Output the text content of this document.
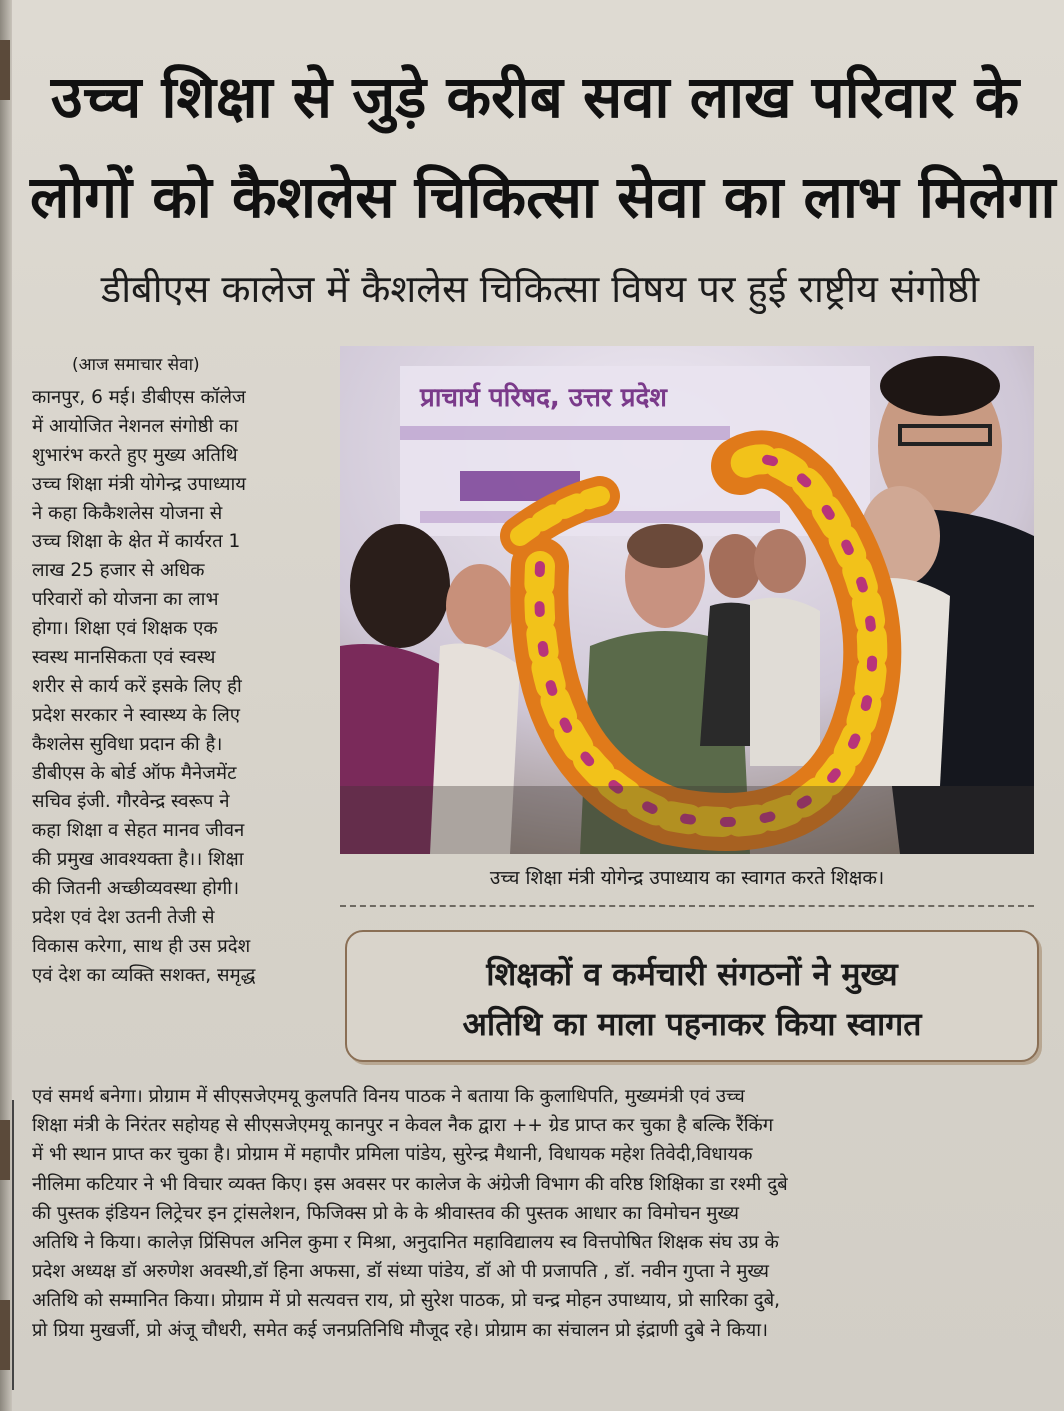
उच्च शिक्षा से जुड़े करीब सवा लाख परिवार के
लोगों को कैशलेस चिकित्सा सेवा का लाभ मिलेगा
डीबीएस कालेज में कैशलेस चिकित्सा विषय पर हुई राष्ट्रीय संगोष्ठी
(आज समाचार सेवा)
कानपुर, 6 मई। डीबीएस कॉलेज
में आयोजित नेशनल संगोष्ठी का
शुभारंभ करते हुए मुख्य अतिथि
उच्च शिक्षा मंत्री योगेन्द्र उपाध्याय
ने कहा किकैशलेस योजना से
उच्च शिक्षा के क्षेत में कार्यरत 1
लाख 25 हजार से अधिक
परिवारों को योजना का लाभ
होगा। शिक्षा एवं शिक्षक एक
स्वस्थ मानसिकता एवं स्वस्थ
शरीर से कार्य करें इसके लिए ही
प्रदेश सरकार ने स्वास्थ्य के लिए
कैशलेस सुविधा प्रदान की है।
डीबीएस के बोर्ड ऑफ मैनेजमेंट
सचिव इंजी. गौरवेन्द्र स्वरूप ने
कहा शिक्षा व सेहत मानव जीवन
की प्रमुख आवश्यक्ता है।। शिक्षा
की जितनी अच्छीव्यवस्था होगी।
प्रदेश एवं देश उतनी तेजी से
विकास करेगा, साथ ही उस प्रदेश
एवं देश का व्यक्ति सशक्त, समृद्ध
प्राचार्य परिषद, उत्तर प्रदेश
उच्च शिक्षा मंत्री योगेन्द्र उपाध्याय का स्वागत करते शिक्षक।
शिक्षकों व कर्मचारी संगठनों ने मुख्य
अतिथि का माला पहनाकर किया स्वागत
एवं समर्थ बनेगा। प्रोग्राम में सीएसजेएमयू कुलपति विनय पाठक ने बताया कि कुलाधिपति, मुख्यमंत्री एवं उच्च
शिक्षा मंत्री के निरंतर सहोयह से सीएसजेएमयू कानपुर न केवल नैक द्वारा ++ ग्रेड प्राप्त कर चुका है बल्कि रैंकिंग
में भी स्थान प्राप्त कर चुका है। प्रोग्राम में महापौर प्रमिला पांडेय, सुरेन्द्र मैथानी, विधायक महेश तिवेदी,विधायक
नीलिमा कटियार ने भी विचार व्यक्त किए। इस अवसर पर कालेज के अंग्रेजी विभाग की वरिष्ठ शिक्षिका डा रश्मी दुबे
की पुस्तक इंडियन लिट्रेचर इन ट्रांसलेशन, फिजिक्स प्रो के के श्रीवास्तव की पुस्तक आधार का विमोचन मुख्य
अतिथि ने किया। कालेज़ प्रिंसिपल अनिल कुमा र मिश्रा, अनुदानित महाविद्यालय स्व वित्तपोषित शिक्षक संघ उप्र के
प्रदेश अध्यक्ष डॉ अरुणेश अवस्थी,डॉ हिना अफसा, डॉ संध्या पांडेय, डॉ ओ पी प्रजापति , डॉ. नवीन गुप्ता ने मुख्य
अतिथि को सम्मानित किया। प्रोग्राम में प्रो सत्यवत्त राय, प्रो सुरेश पाठक, प्रो चन्द्र मोहन उपाध्याय, प्रो सारिका दुबे,
प्रो प्रिया मुखर्जी, प्रो अंजू चौधरी, समेत कई जनप्रतिनिधि मौजूद रहे। प्रोग्राम का संचालन प्रो इंद्राणी दुबे ने किया।
